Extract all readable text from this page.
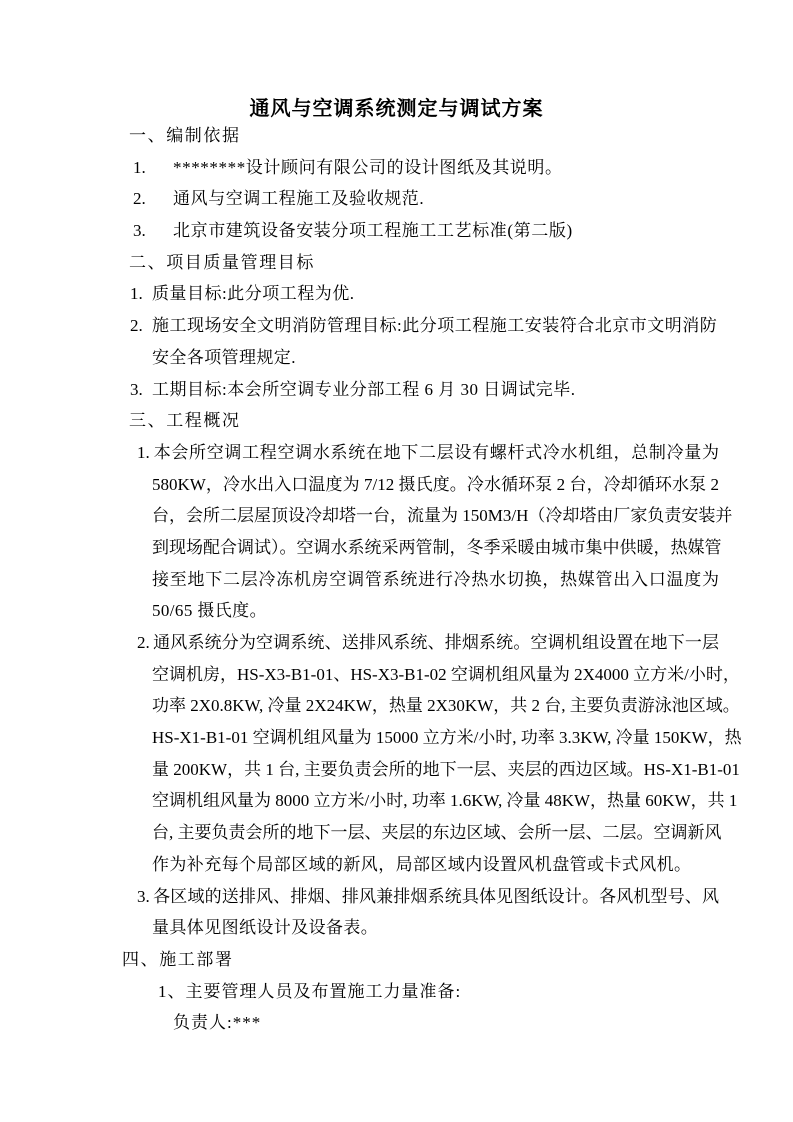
通风与空调系统测定与调试方案
一、编制依据
1. ********设计顾问有限公司的设计图纸及其说明。
2. 通风与空调工程施工及验收规范.
3. 北京市建筑设备安装分项工程施工工艺标准(第二版)
二、项目质量管理目标
1. 质量目标:此分项工程为优.
2. 施工现场安全文明消防管理目标:此分项工程施工安装符合北京市文明消防
安全各项管理规定.
3. 工期目标:本会所空调专业分部工程 6 月 30 日调试完毕.
三、工程概况
1. 本会所空调工程空调水系统在地下二层设有螺杆式冷水机组，总制冷量为
580KW，冷水出入口温度为 7/12 摄氏度。冷水循环泵 2 台，冷却循环水泵 2
台，会所二层屋顶设冷却塔一台，流量为 150M3/H（冷却塔由厂家负责安装并
到现场配合调试）。空调水系统采两管制，冬季采暖由城市集中供暖，热媒管
接至地下二层冷冻机房空调管系统进行冷热水切换，热媒管出入口温度为
50/65 摄氏度。
2. 通风系统分为空调系统、送排风系统、排烟系统。空调机组设置在地下一层
空调机房，HS-X3-B1-01、HS-X3-B1-02 空调机组风量为 2X4000 立方米/小时，
功率 2X0.8KW, 冷量 2X24KW，热量 2X30KW，共 2 台, 主要负责游泳池区域。
HS-X1-B1-01 空调机组风量为 15000 立方米/小时, 功率 3.3KW, 冷量 150KW，热
量 200KW，共 1 台, 主要负责会所的地下一层、夹层的西边区域。HS-X1-B1-01
空调机组风量为 8000 立方米/小时, 功率 1.6KW, 冷量 48KW，热量 60KW，共 1
台, 主要负责会所的地下一层、夹层的东边区域、会所一层、二层。空调新风
作为补充每个局部区域的新风，局部区域内设置风机盘管或卡式风机。
3. 各区域的送排风、排烟、排风兼排烟系统具体见图纸设计。各风机型号、风
量具体见图纸设计及设备表。
四、施工部署
1、主要管理人员及布置施工力量准备:
负责人:***
